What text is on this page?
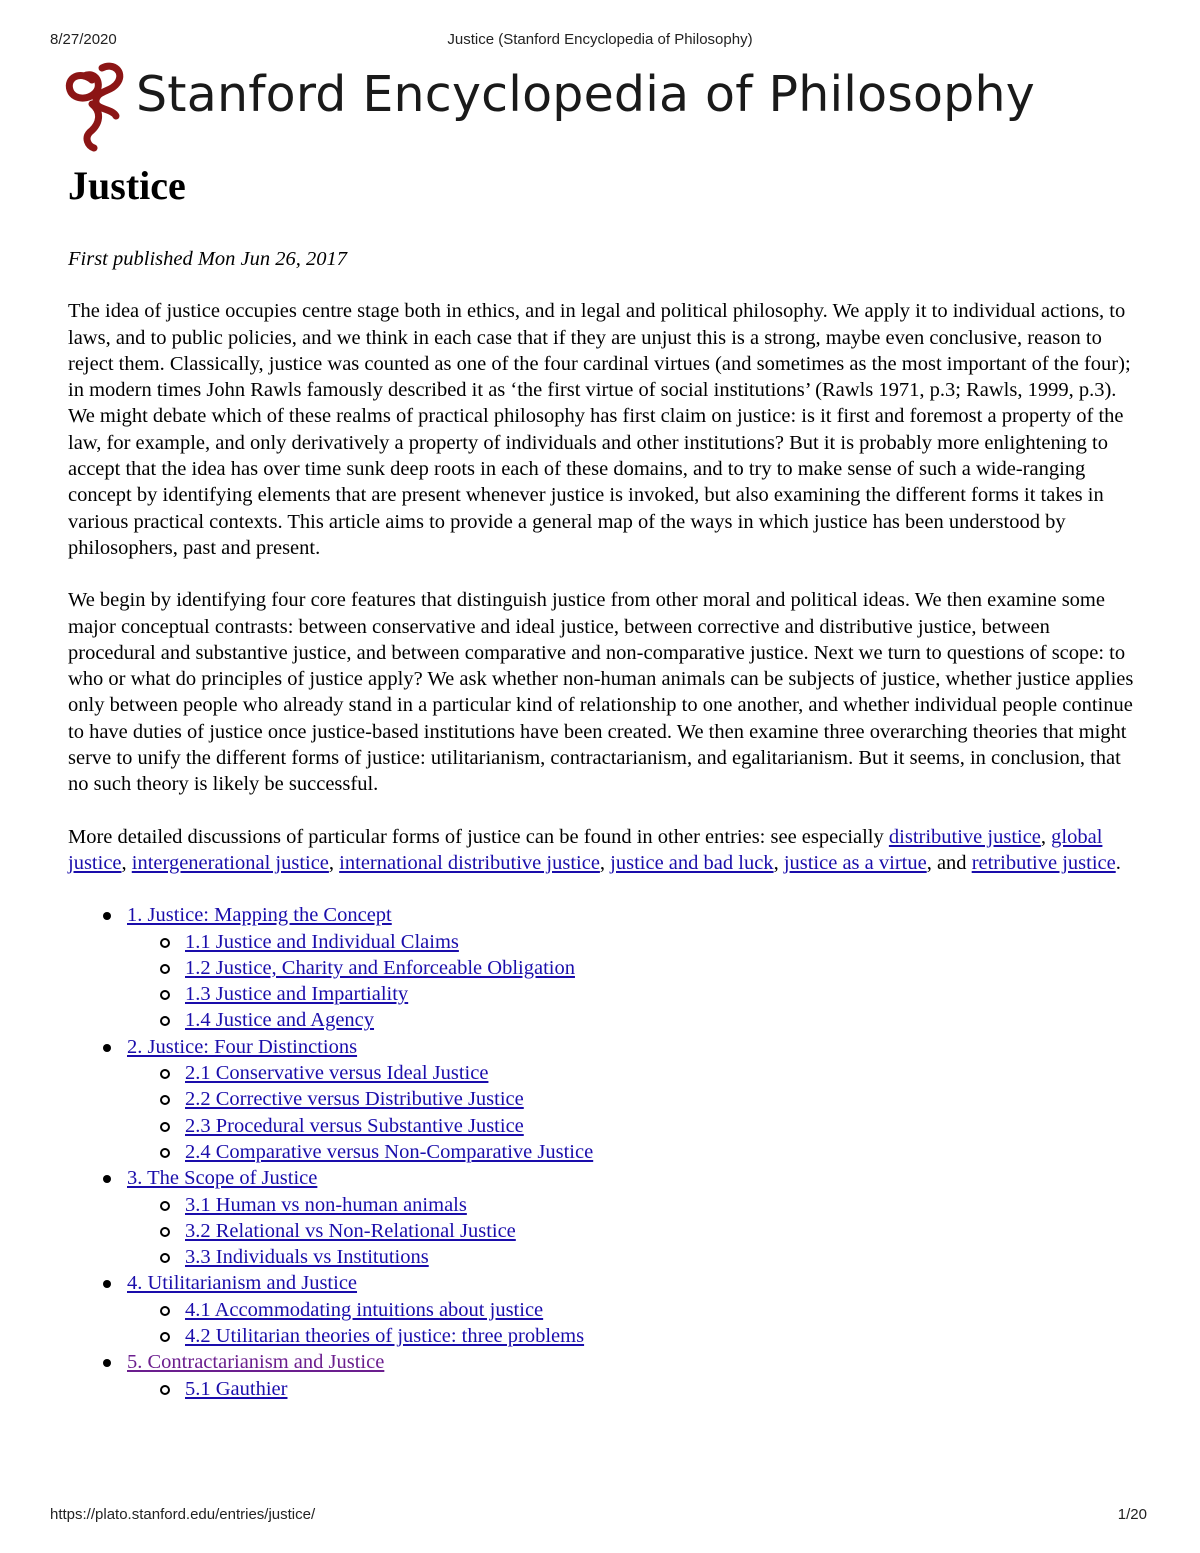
8/27/2020	Justice (Stanford Encyclopedia of Philosophy)
Stanford Encyclopedia of Philosophy
Justice
First published Mon Jun 26, 2017

The idea of justice occupies centre stage both in ethics, and in legal and political philosophy. We apply it to individual actions, to laws, and to public policies, and we think in each case that if they are unjust this is a strong, maybe even conclusive, reason to reject them. Classically, justice was counted as one of the four cardinal virtues (and sometimes as the most important of the four); in modern times John Rawls famously described it as ‘the first virtue of social institutions’ (Rawls 1971, p.3; Rawls, 1999, p.3). We might debate which of these realms of practical philosophy has first claim on justice: is it first and foremost a property of the law, for example, and only derivatively a property of individuals and other institutions? But it is probably more enlightening to accept that the idea has over time sunk deep roots in each of these domains, and to try to make sense of such a wide-ranging concept by identifying elements that are present whenever justice is invoked, but also examining the different forms it takes in various practical contexts. This article aims to provide a general map of the ways in which justice has been understood by philosophers, past and present.

We begin by identifying four core features that distinguish justice from other moral and political ideas. We then examine some major conceptual contrasts: between conservative and ideal justice, between corrective and distributive justice, between procedural and substantive justice, and between comparative and non-comparative justice. Next we turn to questions of scope: to who or what do principles of justice apply? We ask whether non-human animals can be subjects of justice, whether justice applies only between people who already stand in a particular kind of relationship to one another, and whether individual people continue to have duties of justice once justice-based institutions have been created. We then examine three overarching theories that might serve to unify the different forms of justice: utilitarianism, contractarianism, and egalitarianism. But it seems, in conclusion, that no such theory is likely be successful.

More detailed discussions of particular forms of justice can be found in other entries: see especially distributive justice, global justice, intergenerational justice, international distributive justice, justice and bad luck, justice as a virtue, and retributive justice.

1. Justice: Mapping the Concept
1.1 Justice and Individual Claims
1.2 Justice, Charity and Enforceable Obligation
1.3 Justice and Impartiality
1.4 Justice and Agency
2. Justice: Four Distinctions
2.1 Conservative versus Ideal Justice
2.2 Corrective versus Distributive Justice
2.3 Procedural versus Substantive Justice
2.4 Comparative versus Non-Comparative Justice
3. The Scope of Justice
3.1 Human vs non-human animals
3.2 Relational vs Non-Relational Justice
3.3 Individuals vs Institutions
4. Utilitarianism and Justice
4.1 Accommodating intuitions about justice
4.2 Utilitarian theories of justice: three problems
5. Contractarianism and Justice
5.1 Gauthier
https://plato.stanford.edu/entries/justice/	1/20
